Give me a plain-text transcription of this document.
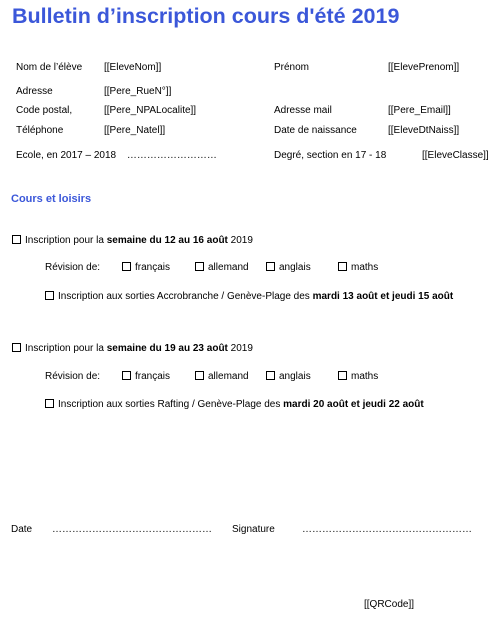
Bulletin d’inscription cours d'été 2019
Nom de l’élève [[EleveNom]]	Prénom	[[ElevePrenom]]
Adresse	[[Pere_RueN°]]
Code postal,	[[Pere_NPALocalite]]	Adresse mail	[[Pere_Email]]
Téléphone	[[Pere_Natel]]	Date de naissance	[[EleveDtNaiss]]
Ecole, en 2017 – 2018 ………………………	Degré, section en 17 - 18	[[EleveClasse]]
Cours et loisirs
Inscription pour la semaine du 12 au 16 août 2019
Révision de:	français	allemand	anglais	maths
Inscription aux sorties Accrobranche / Genève-Plage des mardi 13 août et jeudi 15 août
Inscription pour la semaine du 19 au 23 août 2019
Révision de:	français	allemand	anglais	maths
Inscription aux sorties Rafting / Genève-Plage des mardi 20 août et jeudi 22 août
Date ………………………………………… Signature	……………………………………………
[[QRCode]]
